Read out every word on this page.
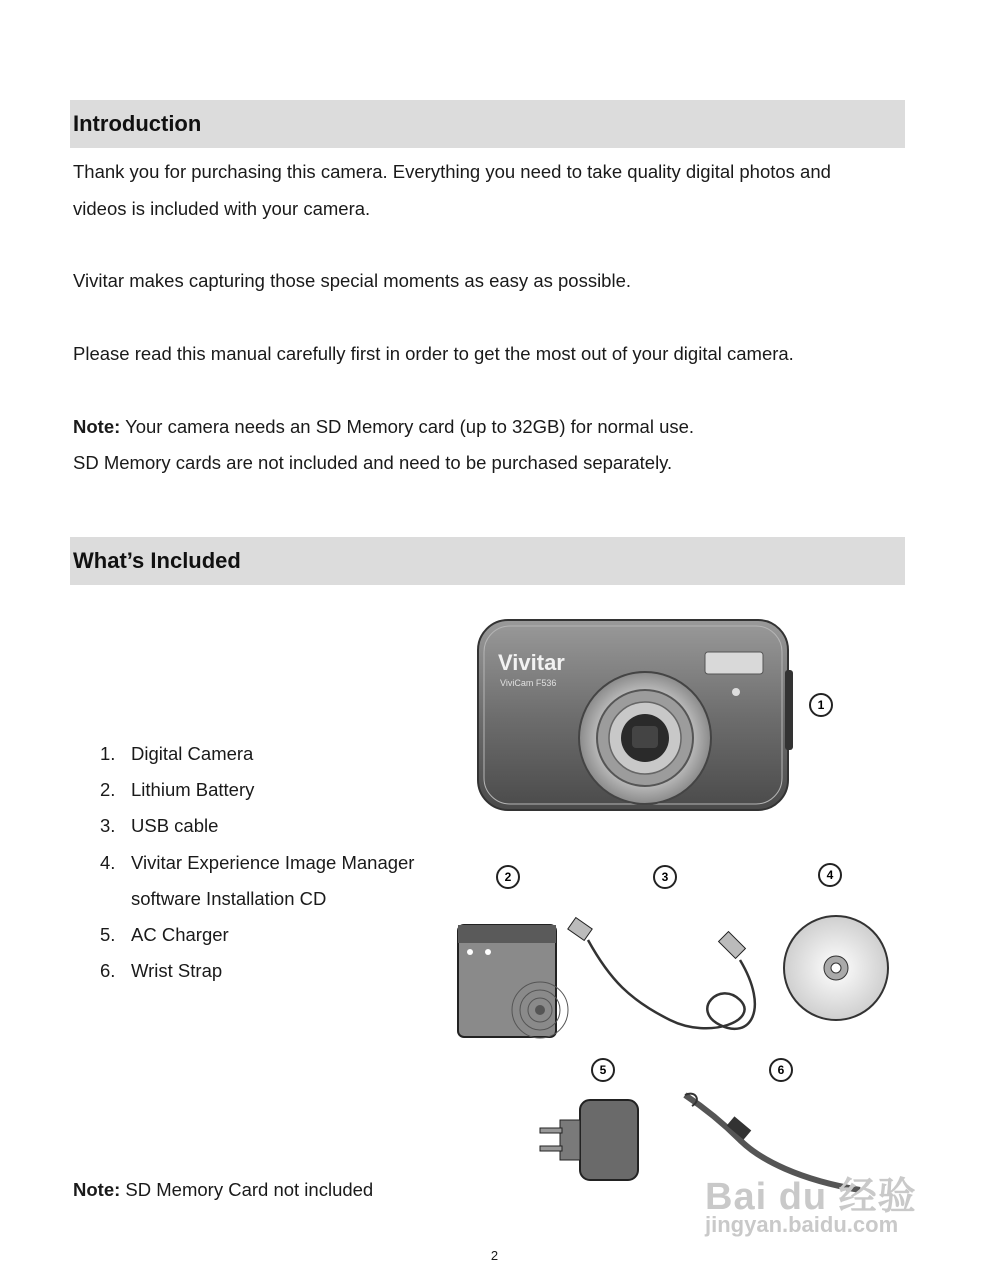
Introduction
Thank you for purchasing this camera. Everything you need to take quality digital photos and
videos is included with your camera.
Vivitar makes capturing those special moments as easy as possible.
Please read this manual carefully first in order to get the most out of your digital camera.
Note: Your camera needs an SD Memory card (up to 32GB) for normal use.
SD Memory cards are not included and need to be purchased separately.
What’s Included
1. Digital Camera
2. Lithium Battery
3. USB cable
4. Vivitar Experience Image Manager
software Installation CD
5. AC Charger
6. Wrist Strap
Note: SD Memory Card not included
Vivitar
ViviCam F536
1
2	3	4
5	6
Bai du 经验
jingyan.baidu.com
2
